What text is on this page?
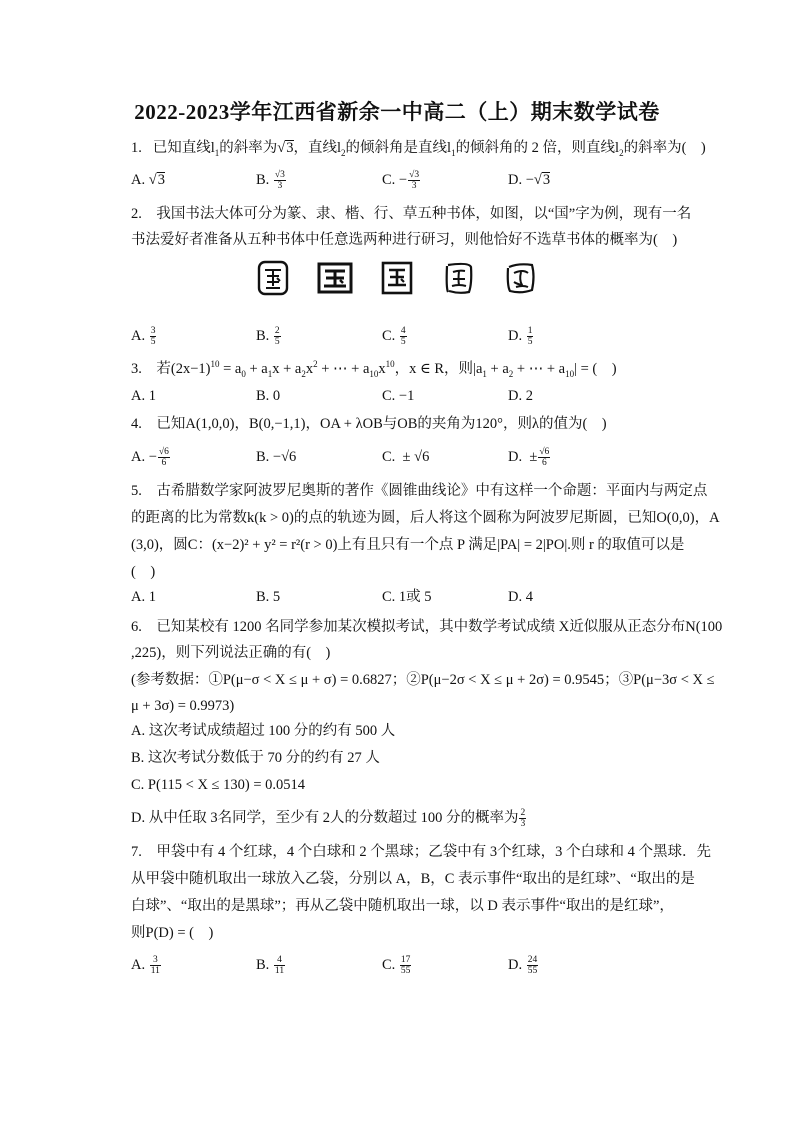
2022-2023学年江西省新余一中高二（上）期末数学试卷
1. 已知直线$l_1$的斜率为√3，直线$l_2$的倾斜角是直线$l_1$的倾斜角的 2 倍，则直线$l_2$的斜率为(　)
A. √3	B. $\frac{√3}{3}$	C. − $\frac{√3}{3}$	D. −√3
2.　我国书法大体可分为篆、隶、楷、行、草五种书体，如图，以“国”字为例，现有一名
书法爱好者准备从五种书体中任意选两种进行研习，则他恰好不选草书体的概率为(　)

A. $\frac{3}{5}$	B. $\frac{2}{5}$	C. $\frac{4}{5}$	D. $\frac{1}{5}$
3.　若$(2x-1)^{10} = a_0 + a_1x + a_2x^2$ + ⋯ + $a_{10}x^{10}$，x ∈ R，则$|a_1 + a_2$ + ⋯ + $a_{10}|$ = (　)
A. 1	B. 0	C. −1	D. 2
4.　已知A(1,0,0)，B(0,−1,1)，OA + λOB与OB的夹角为120°，则λ的值为(　)
A. − $\frac{√6}{6}$	B. −√6	C. ± √6	D.  ± $\frac{√6}{6}$
5.　古希腊数学家阿波罗尼奥斯的著作《圆锥曲线论》中有这样一个命题：平面内与两定点
的距离的比为常数k(k > 0)的点的轨迹为圆，后人将这个圆称为阿波罗尼斯圆，已知O(0,0)，A
(3,0)，圆C：(x−2)² + y² = r²(r > 0)上有且只有一个点 P 满足|PA| = 2|PO|.则 r 的取值可以是
(　)
A. 1	B. 5	C. 1或 5	D. 4
6.　已知某校有 1200 名同学参加某次模拟考试，其中数学考试成绩 X近似服从正态分布N(100
,225)，则下列说法正确的有(　)
(参考数据：①P(μ−σ < X ≤ μ + σ) = 0.6827；②P(μ−2σ < X ≤ μ + 2σ) = 0.9545；③P(μ−3σ < X ≤
μ + 3σ) = 0.9973)
A. 这次考试成绩超过 100 分的约有 500 人
B. 这次考试分数低于 70 分的约有 27 人
C. P(115 < X ≤ 130) = 0.0514
D. 从中任取 3名同学，至少有 2人的分数超过 100 分的概率为 $\frac{2}{3}$
7.　甲袋中有 4 个红球，4 个白球和 2 个黑球；乙袋中有 3个红球，3 个白球和 4 个黑球．先
从甲袋中随机取出一球放入乙袋，分别以 A，B，C 表示事件“取出的是红球”、“取出的是
白球”、“取出的是黑球”；再从乙袋中随机取出一球，以 D 表示事件“取出的是红球”，
则P(D) = (　)
A. $\frac{3}{11}$	B. $\frac{4}{11}$	C. $\frac{17}{55}$	D. $\frac{24}{55}$
